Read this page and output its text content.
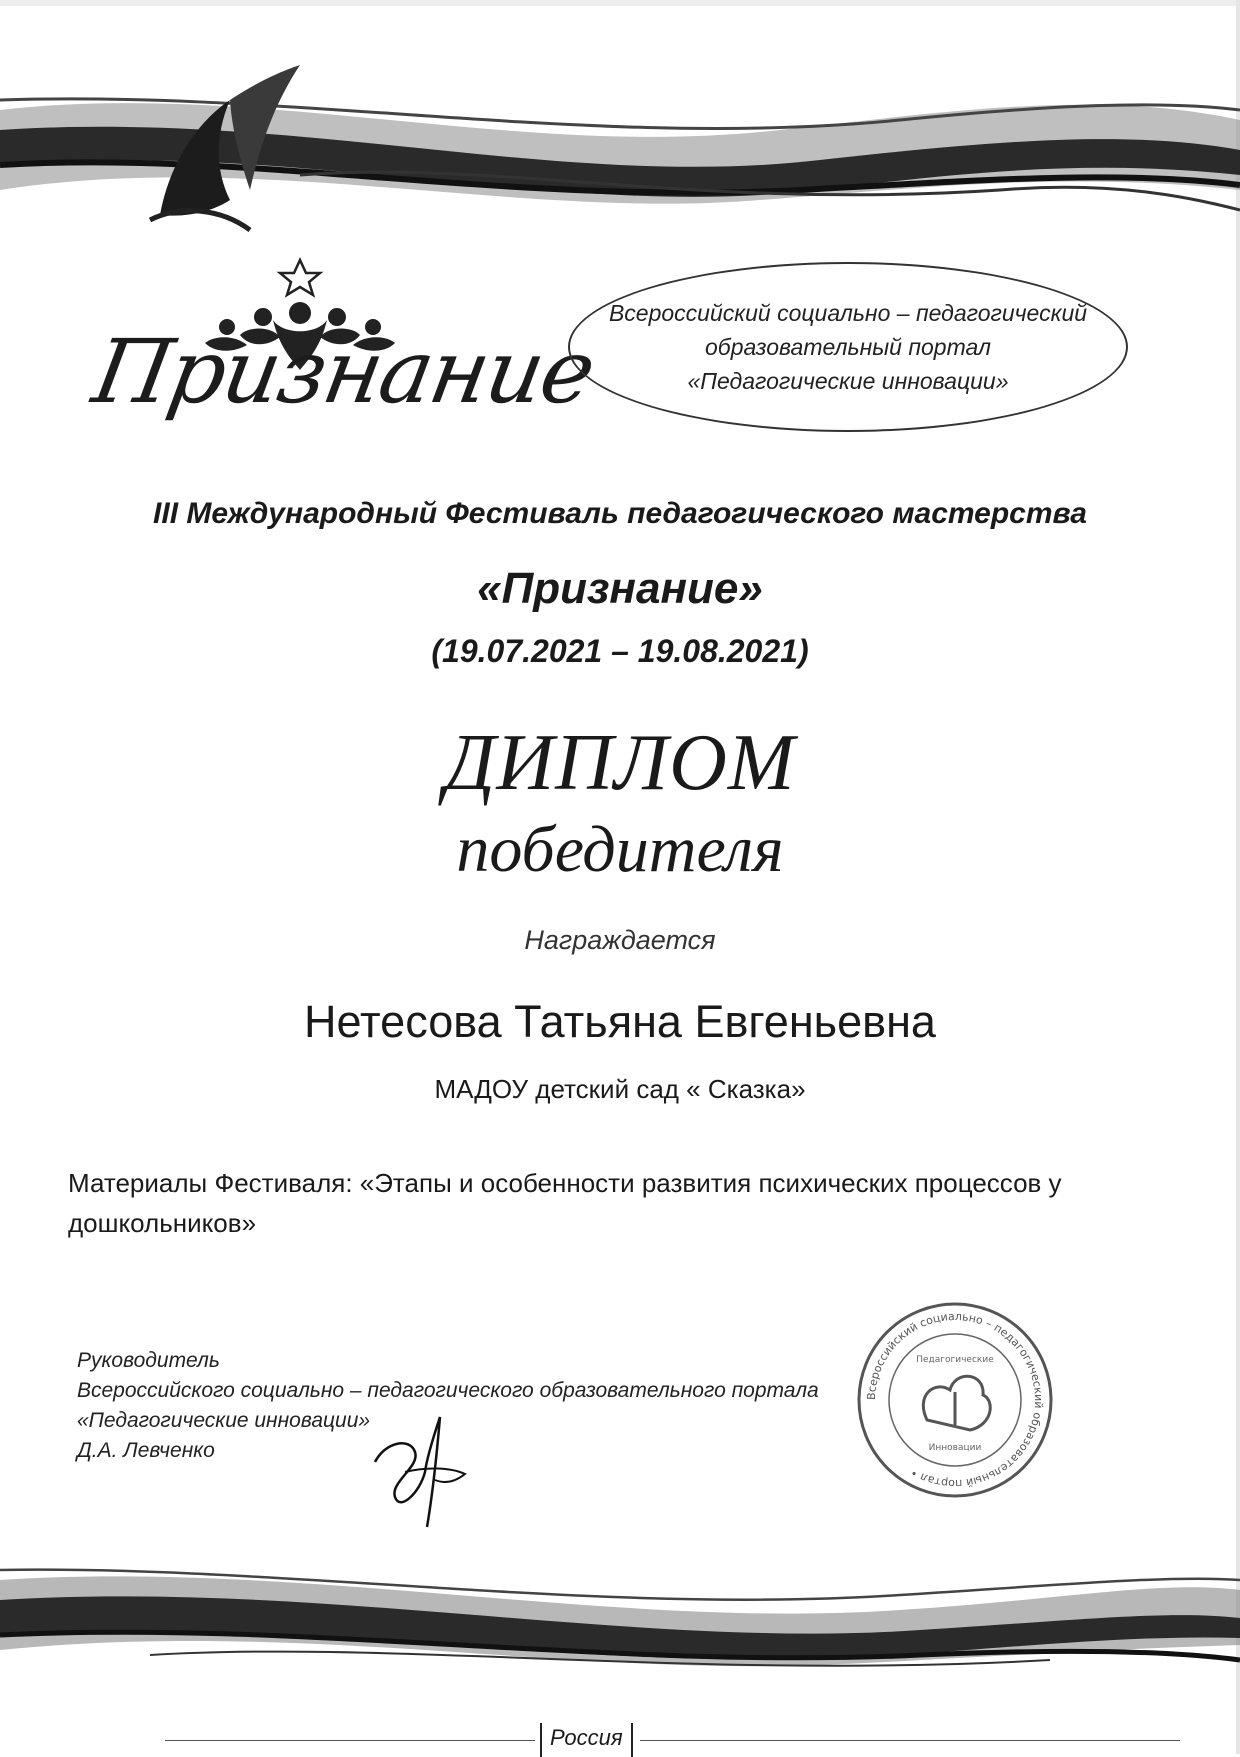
Признание
Всероссийский социально – педагогический
образовательный портал
«Педагогические инновации»
III Международный Фестиваль педагогического мастерства
«Признание»
(19.07.2021 – 19.08.2021)
ДИПЛОМ
победителя
Награждается
Нетесова Татьяна Евгеньевна
МАДОУ детский сад « Сказка»
Материалы Фестиваля: «Этапы и особенности развития психических процессов у дошкольников»
Руководитель
Всероссийского социально – педагогического образовательного портала
«Педагогические инновации»
Д.А. Левченко
Всероссийский социально – педагогический образовательный портал •
Педагогические
Инновации
Россия
